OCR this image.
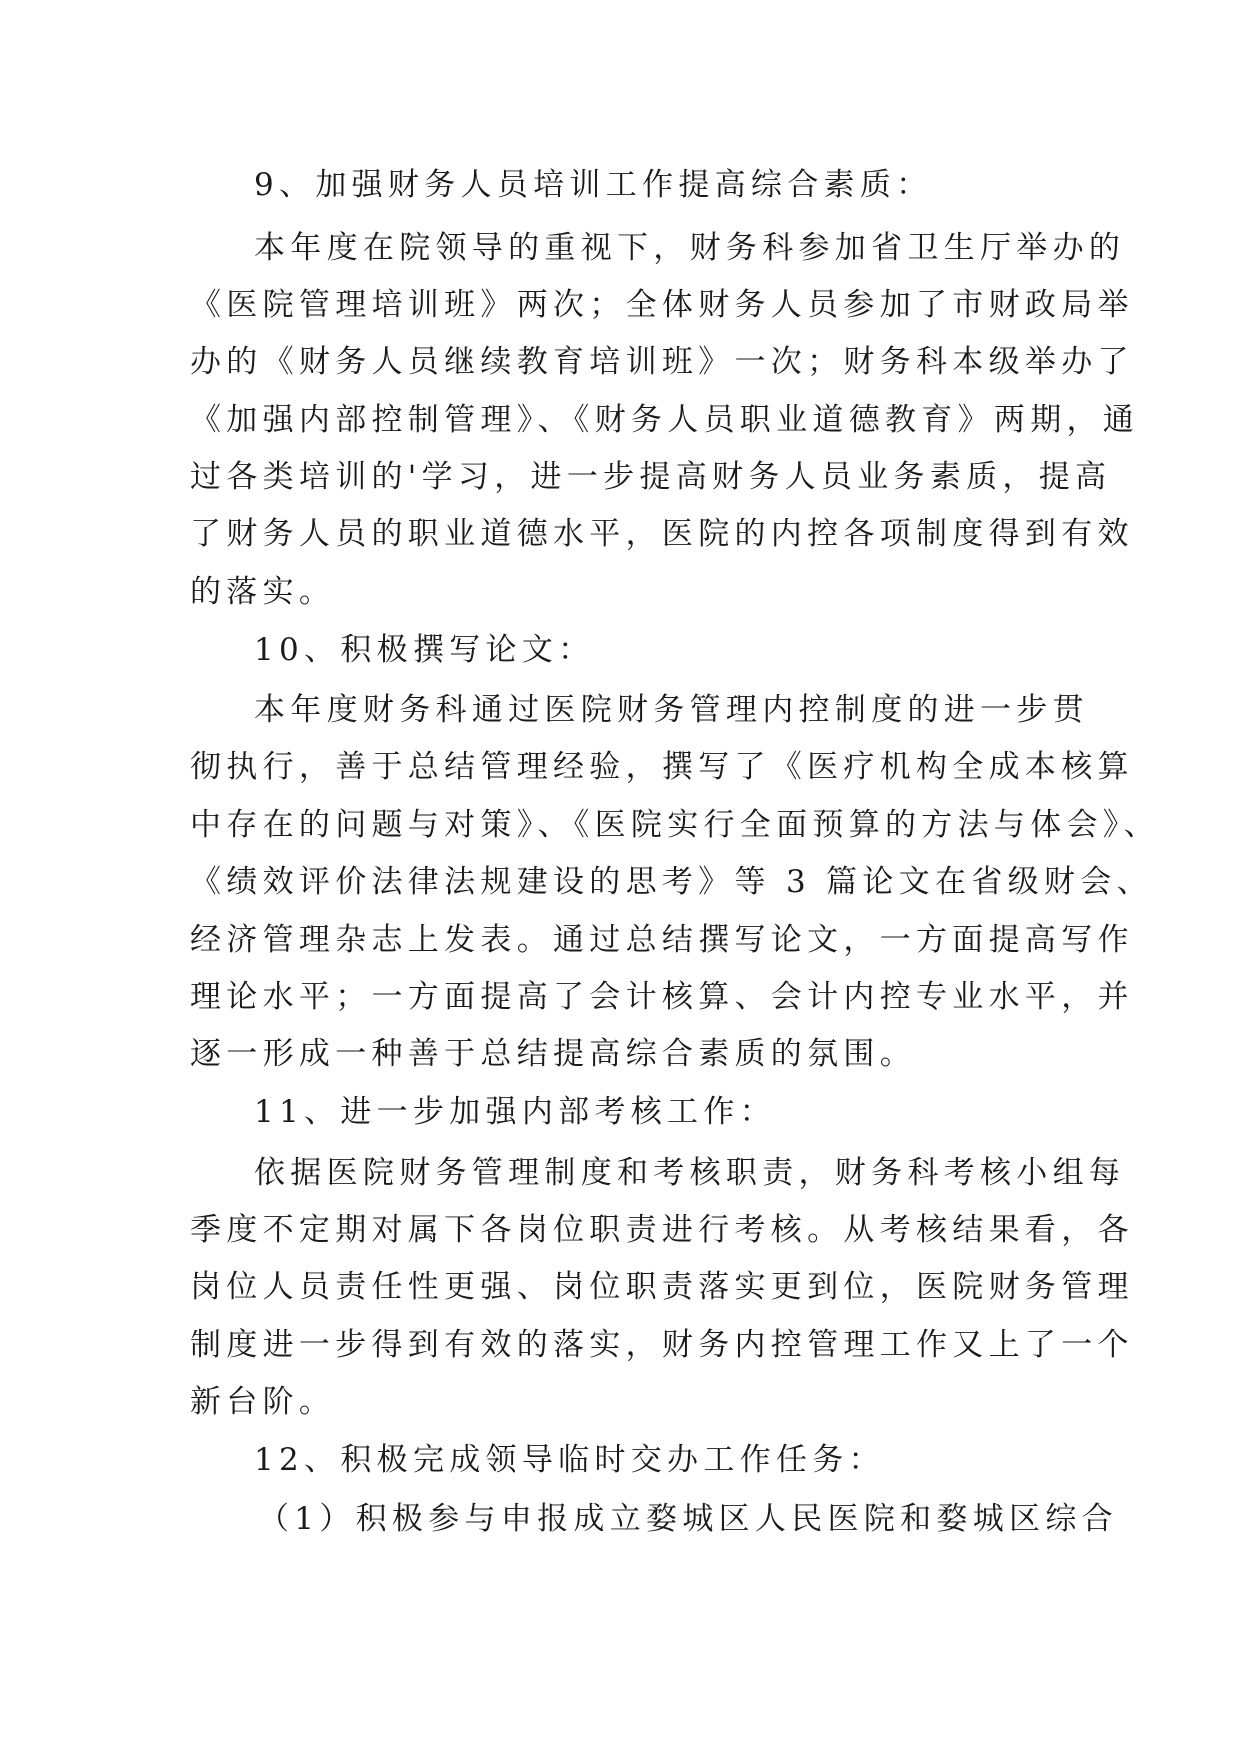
9、加强财务人员培训工作提高综合素质：
本年度在院领导的重视下，财务科参加省卫生厅举办的
《医院管理培训班》两次；全体财务人员参加了市财政局举
办的《财务人员继续教育培训班》一次；财务科本级举办了
《加强内部控制管理》、《财务人员职业道德教育》两期，通
过各类培训的'学习，进一步提高财务人员业务素质，提高
了财务人员的职业道德水平，医院的内控各项制度得到有效
的落实。
10、积极撰写论文：
本年度财务科通过医院财务管理内控制度的进一步贯
彻执行，善于总结管理经验，撰写了《医疗机构全成本核算
中存在的问题与对策》、《医院实行全面预算的方法与体会》、
《绩效评价法律法规建设的思考》等 3 篇论文在省级财会、
经济管理杂志上发表。通过总结撰写论文，一方面提高写作
理论水平；一方面提高了会计核算、会计内控专业水平，并
逐一形成一种善于总结提高综合素质的氛围。
11、进一步加强内部考核工作：
依据医院财务管理制度和考核职责，财务科考核小组每
季度不定期对属下各岗位职责进行考核。从考核结果看，各
岗位人员责任性更强、岗位职责落实更到位，医院财务管理
制度进一步得到有效的落实，财务内控管理工作又上了一个
新台阶。
12、积极完成领导临时交办工作任务：
（1）积极参与申报成立婺城区人民医院和婺城区综合
